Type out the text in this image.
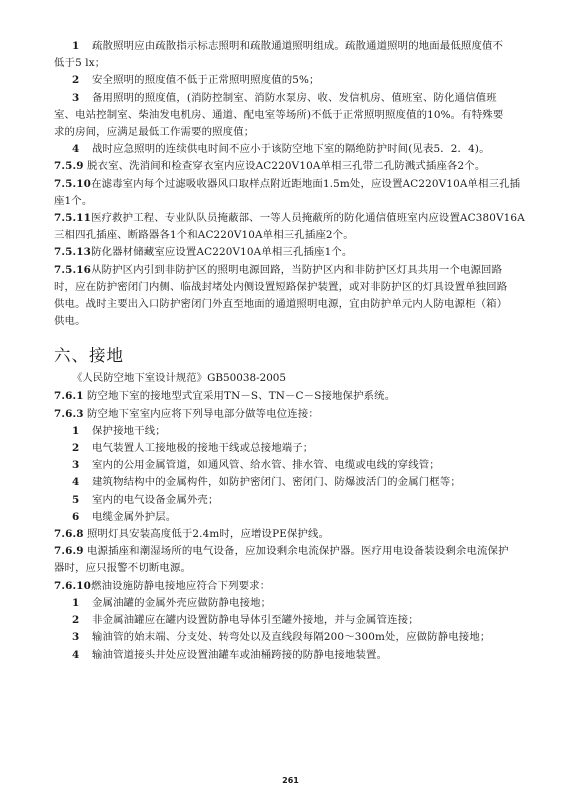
1 疏散照明应由疏散指示标志照明和疏散通道照明组成。疏散通道照明的地面最低照度值不
低于5 lx；
2 安全照明的照度值不低于正常照明照度值的5%；
3 备用照明的照度值，(消防控制室、消防水泵房、收、发信机房、值班室、防化通信值班
室、电站控制室、柴油发电机房、通道、配电室等场所)不低于正常照明照度值的10%。有特殊要
求的房间，应满足最低工作需要的照度值；
4 战时应急照明的连续供电时间不应小于该防空地下室的隔绝防护时间(见表5．2．4)。
7.5.9 脱衣室、洗消间和检查穿衣室内应设AC220V10A单相三孔带二孔防溅式插座各2个。
7.5.10在滤毒室内每个过滤吸收器风口取样点附近距地面1.5m处，应设置AC220V10A单相三孔插
座1个。
7.5.11医疗救护工程、专业队队员掩蔽部、一等人员掩蔽所的防化通信值班室内应设置AC380V16A
三相四孔插座、断路器各1个和AC220V10A单相三孔插座2个。
7.5.13防化器材储藏室应设置AC220V10A单相三孔插座1个。
7.5.16从防护区内引到非防护区的照明电源回路，当防护区内和非防护区灯具共用一个电源回路
时，应在防护密闭门内侧、临战封堵处内侧设置短路保护装置，或对非防护区的灯具设置单独回路
供电。战时主要出入口防护密闭门外直至地面的通道照明电源，宜由防护单元内人防电源柜（箱）
供电。
六、接地
《人民防空地下室设计规范》GB50038-2005
7.6.1 防空地下室的接地型式宜采用TN－S、TN－C－S接地保护系统。
7.6.3 防空地下室室内应将下列导电部分做等电位连接：
1 保护接地干线；
2 电气装置人工接地极的接地干线或总接地端子；
3 室内的公用金属管道，如通风管、给水管、排水管、电缆或电线的穿线管；
4 建筑物结构中的金属构件，如防护密闭门、密闭门、防爆波活门的金属门框等；
5 室内的电气设备金属外壳；
6 电缆金属外护层。
7.6.8 照明灯具安装高度低于2.4m时，应增设PE保护线。
7.6.9 电源插座和潮湿场所的电气设备，应加设剩余电流保护器。医疗用电设备装设剩余电流保护
器时，应只报警不切断电源。
7.6.10燃油设施防静电接地应符合下列要求：
1 金属油罐的金属外壳应做防静电接地；
2 非金属油罐应在罐内设置防静电导体引至罐外接地，并与金属管连接；
3 输油管的始末端、分支处、转弯处以及直线段每隔200～300m处，应做防静电接地；
4 输油管道接头井处应设置油罐车或油桶跨接的防静电接地装置。
261
